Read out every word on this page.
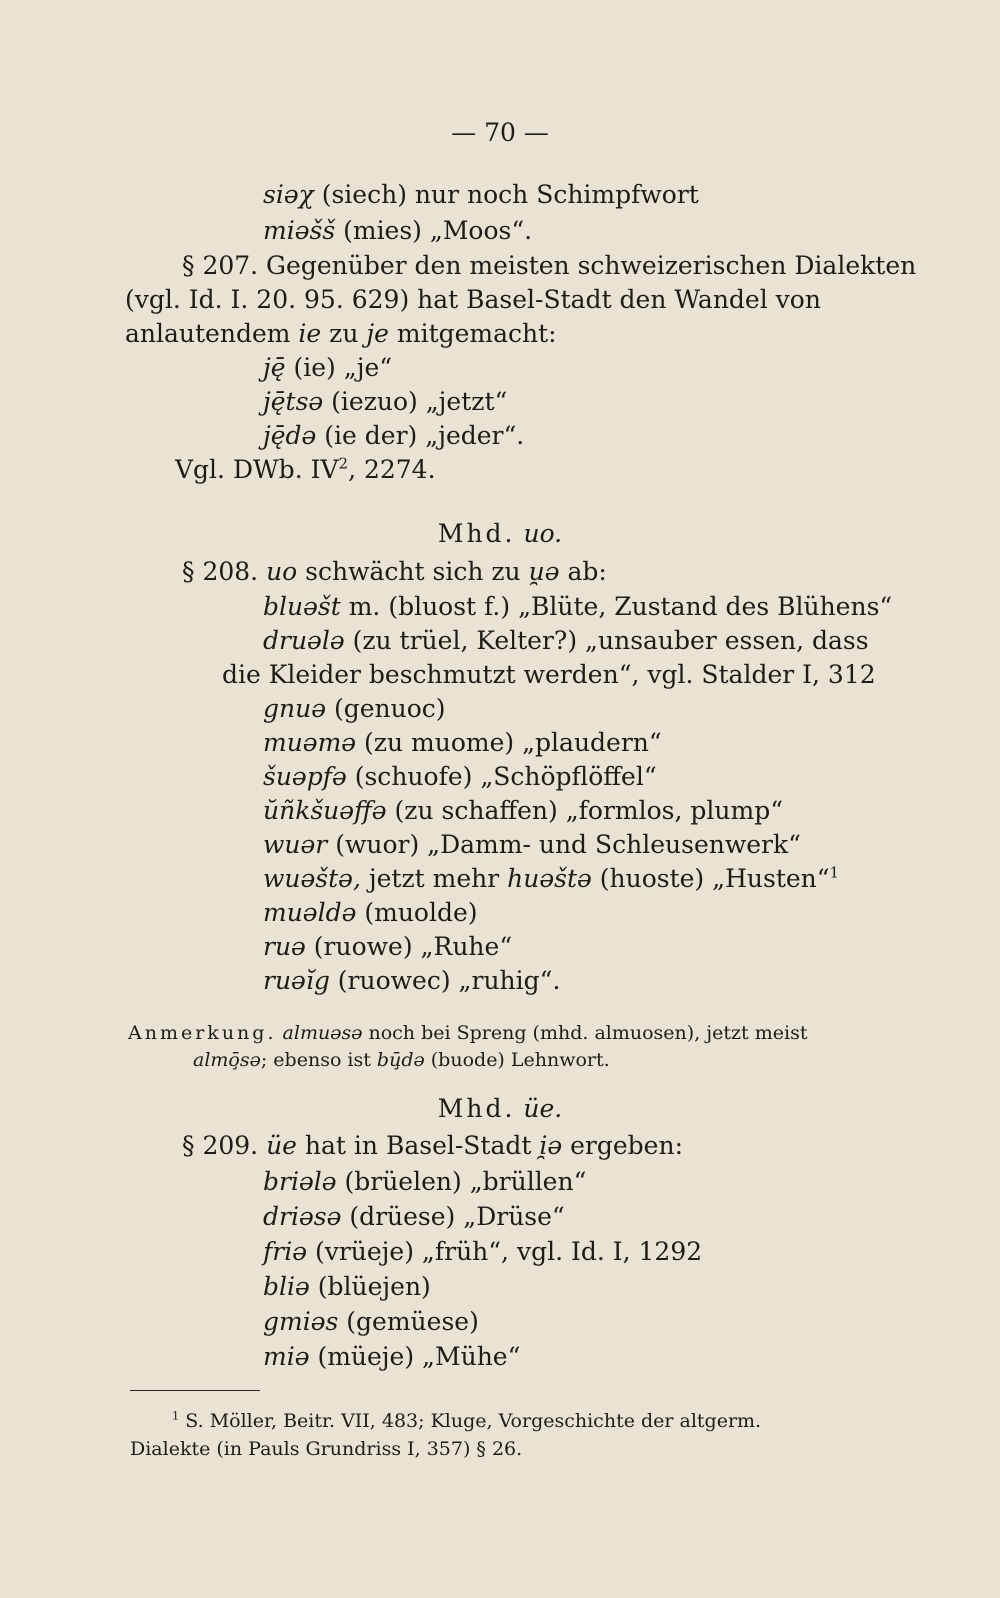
— 70 —
siəχ (siech) nur noch Schimpfwort
miəšš (mies) „Moos“.
§ 207. Gegenüber den meisten schweizerischen Dialekten
(vgl. Id. I. 20. 95. 629) hat Basel-Stadt den Wandel von
anlautendem ie zu je mitgemacht:
ję̄ (ie) „je“
ję̄tsə (iezuo) „jetzt“
ję̄də (ie der) „jeder“.
Vgl. DWb. $IV^2$, 2274.
Mhd. uo.
§ 208. uo schwächt sich zu u̯ə ab:
bluəšt m. (bluost f.) „Blüte, Zustand des Blühens“
druələ (zu trüel, Kelter?) „unsauber essen, dass
die Kleider beschmutzt werden“, vgl. Stalder I, 312
gnuə (genuoc)
muəmə (zu muome) „plaudern“
šuəpfə (schuofe) „Schöpflöffel“
ŭñkšuəffə (zu schaffen) „formlos, plump“
wuər (wuor) „Damm- und Schleusenwerk“
wuəštə, jetzt mehr huəštə (huoste) „Husten“$^1$
muəldə (muolde)
ruə (ruowe) „Ruhe“
ruəĭg (ruowec) „ruhig“.
Anmerkung. almuəsə noch bei Spreng (mhd. almuosen), jetzt meist
almō̧sə; ebenso ist bū̧də (buode) Lehnwort.
Mhd. üe.
§ 209. üe hat in Basel-Stadt i̯ə ergeben:
briələ (brüelen) „brüllen“
driəsə (drüese) „Drüse“
friə (vrüeje) „früh“, vgl. Id. I, 1292
bliə (blüejen)
gmiəs (gemüese)
miə (müeje) „Mühe“
$^1$ S. Möller, Beitr. VII, 483; Kluge, Vorgeschichte der altgerm.
Dialekte (in Pauls Grundriss I, 357) § 26.
